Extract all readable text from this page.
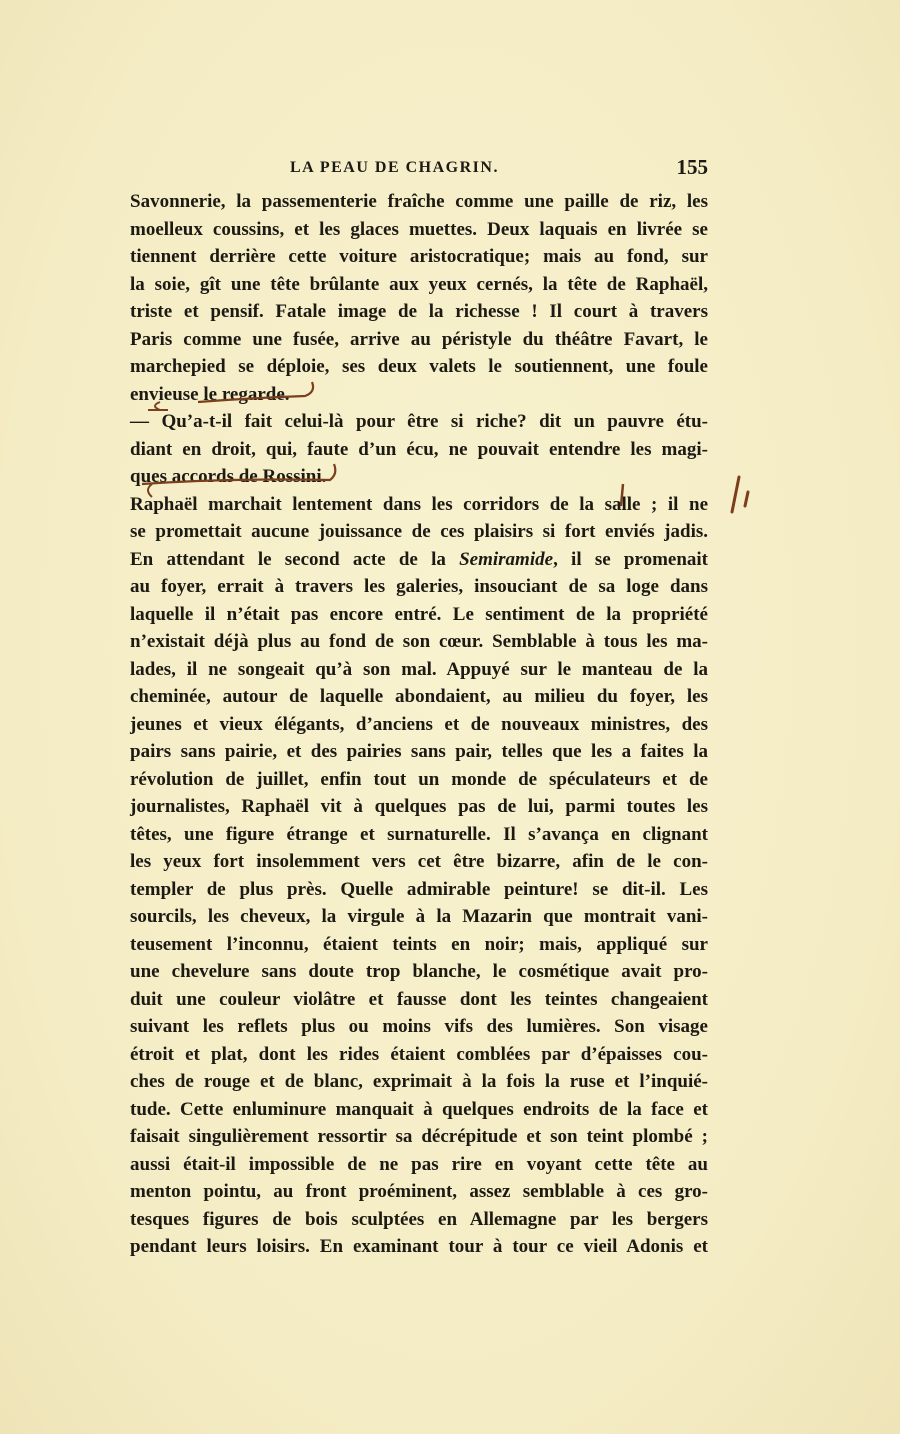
LA PEAU DE CHAGRIN.	155
Savonnerie, la passementerie fraîche comme une paille de riz, les
moelleux coussins, et les glaces muettes. Deux laquais en livrée se
tiennent derrière cette voiture aristocratique; mais au fond, sur
la soie, gît une tête brûlante aux yeux cernés, la tête de Raphaël,
triste et pensif. Fatale image de la richesse ! Il court à travers
Paris comme une fusée, arrive au péristyle du théâtre Favart, le
marchepied se déploie, ses deux valets le soutiennent, une foule
envieuse le regarde.
— Qu’a-t-il fait celui-là pour être si riche? dit un pauvre étu-
diant en droit, qui, faute d’un écu, ne pouvait entendre les magi-
ques accords de Rossini.
Raphaël marchait lentement dans les corridors de la salle ; il ne
se promettait aucune jouissance de ces plaisirs si fort enviés jadis.
En attendant le second acte de la Semiramide, il se promenait
au foyer, errait à travers les galeries, insouciant de sa loge dans
laquelle il n’était pas encore entré. Le sentiment de la propriété
n’existait déjà plus au fond de son cœur. Semblable à tous les ma-
lades, il ne songeait qu’à son mal. Appuyé sur le manteau de la
cheminée, autour de laquelle abondaient, au milieu du foyer, les
jeunes et vieux élégants, d’anciens et de nouveaux ministres, des
pairs sans pairie, et des pairies sans pair, telles que les a faites la
révolution de juillet, enfin tout un monde de spéculateurs et de
journalistes, Raphaël vit à quelques pas de lui, parmi toutes les
têtes, une figure étrange et surnaturelle. Il s’avança en clignant
les yeux fort insolemment vers cet être bizarre, afin de le con-
templer de plus près. Quelle admirable peinture! se dit-il. Les
sourcils, les cheveux, la virgule à la Mazarin que montrait vani-
teusement l’inconnu, étaient teints en noir; mais, appliqué sur
une chevelure sans doute trop blanche, le cosmétique avait pro-
duit une couleur violâtre et fausse dont les teintes changeaient
suivant les reflets plus ou moins vifs des lumières. Son visage
étroit et plat, dont les rides étaient comblées par d’épaisses cou-
ches de rouge et de blanc, exprimait à la fois la ruse et l’inquié-
tude. Cette enluminure manquait à quelques endroits de la face et
faisait singulièrement ressortir sa décrépitude et son teint plombé ;
aussi était-il impossible de ne pas rire en voyant cette tête au
menton pointu, au front proéminent, assez semblable à ces gro-
tesques figures de bois sculptées en Allemagne par les bergers
pendant leurs loisirs. En examinant tour à tour ce vieil Adonis et
